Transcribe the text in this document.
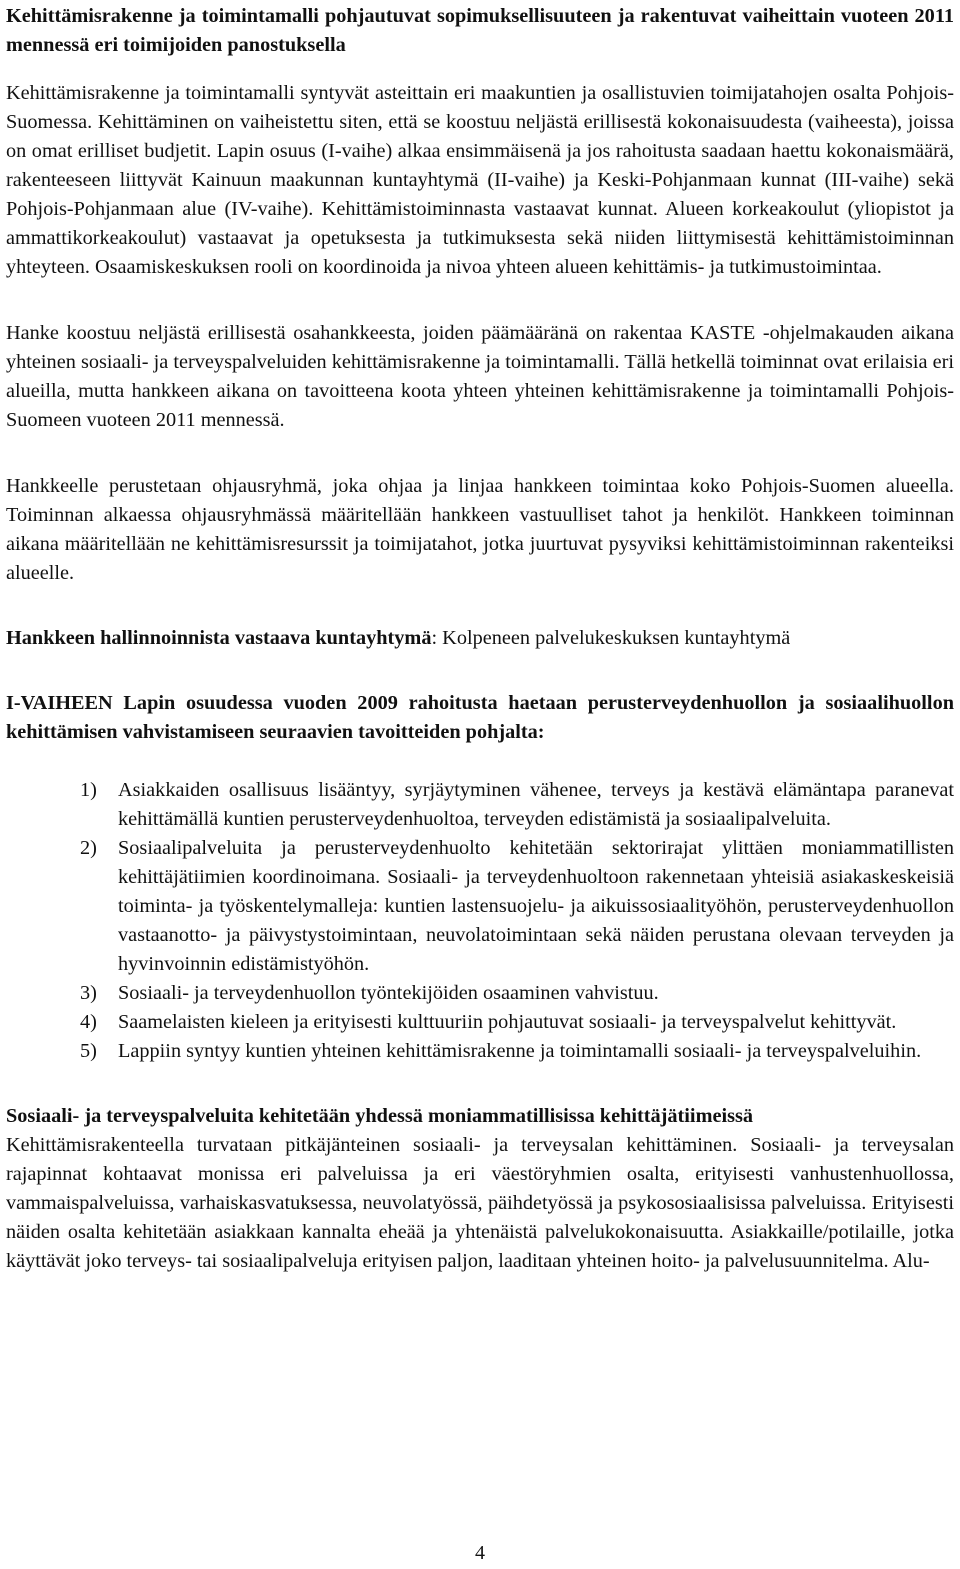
Kehittämisrakenne ja toimintamalli pohjautuvat sopimuksellisuuteen ja rakentuvat vaiheittain vuoteen 2011 mennessä eri toimijoiden panostuksella

Kehittämisrakenne ja toimintamalli syntyvät asteittain eri maakuntien ja osallistuvien toimijatahojen osalta Pohjois-Suomessa. Kehittäminen on vaiheistettu siten, että se koostuu neljästä erillisestä kokonaisuudesta (vaiheesta), joissa on omat erilliset budjetit. Lapin osuus (I-vaihe) alkaa ensimmäisenä ja jos rahoitusta saadaan haettu kokonaismäärä, rakenteeseen liittyvät Kainuun maakunnan kuntayhtymä (II-vaihe) ja Keski-Pohjanmaan kunnat (III-vaihe) sekä Pohjois-Pohjanmaan alue (IV-vaihe). Kehittämistoiminnasta vastaavat kunnat. Alueen korkeakoulut (yliopistot ja ammattikorkeakoulut) vastaavat ja opetuksesta ja tutkimuksesta sekä niiden liittymisestä kehittämistoiminnan yhteyteen. Osaamiskeskuksen rooli on koordinoida ja nivoa yhteen alueen kehittämis- ja tutkimustoimintaa.

Hanke koostuu neljästä erillisestä osahankkeesta, joiden päämääränä on rakentaa KASTE -ohjelmakauden aikana yhteinen sosiaali- ja terveyspalveluiden kehittämisrakenne ja toimintamalli. Tällä hetkellä toiminnat ovat erilaisia eri alueilla, mutta hankkeen aikana on tavoitteena koota yhteen yhteinen kehittämisrakenne ja toimintamalli Pohjois-Suomeen vuoteen 2011 mennessä.

Hankkeelle perustetaan ohjausryhmä, joka ohjaa ja linjaa hankkeen toimintaa koko Pohjois-Suomen alueella. Toiminnan alkaessa ohjausryhmässä määritellään hankkeen vastuulliset tahot ja henkilöt. Hankkeen toiminnan aikana määritellään ne kehittämisresurssit ja toimijatahot, jotka juurtuvat pysyviksi kehittämistoiminnan rakenteiksi alueelle.

Hankkeen hallinnoinnista vastaava kuntayhtymä: Kolpeneen palvelukeskuksen kuntayhtymä

I-VAIHEEN Lapin osuudessa vuoden 2009 rahoitusta haetaan perusterveydenhuollon ja sosiaalihuollon kehittämisen vahvistamiseen seuraavien tavoitteiden pohjalta:

1) Asiakkaiden osallisuus lisääntyy, syrjäytyminen vähenee, terveys ja kestävä elämäntapa paranevat kehittämällä kuntien perusterveydenhuoltoa, terveyden edistämistä ja sosiaalipalveluita.
2) Sosiaalipalveluita ja perusterveydenhuolto kehitetään sektorirajat ylittäen moniammatillisten kehittäjätiimien koordinoimana. Sosiaali- ja terveydenhuoltoon rakennetaan yhteisiä asiakaskeskeisiä toiminta- ja työskentelymalleja: kuntien lastensuojelu- ja aikuissosiaalityöhön, perusterveydenhuollon vastaanotto- ja päivystystoimintaan, neuvolatoimintaan sekä näiden perustana olevaan terveyden ja hyvinvoinnin edistämistyöhön.
3) Sosiaali- ja terveydenhuollon työntekijöiden osaaminen vahvistuu.
4) Saamelaisten kieleen ja erityisesti kulttuuriin pohjautuvat sosiaali- ja terveyspalvelut kehittyvät.
5) Lappiin syntyy kuntien yhteinen kehittämisrakenne ja toimintamalli sosiaali- ja terveyspalveluihin.

Sosiaali- ja terveyspalveluita kehitetään yhdessä moniammatillisissa kehittäjätiimeissä

Kehittämisrakenteella turvataan pitkäjänteinen sosiaali- ja terveysalan kehittäminen. Sosiaali- ja terveysalan rajapinnat kohtaavat monissa eri palveluissa ja eri väestöryhmien osalta, erityisesti vanhustenhuollossa, vammaispalveluissa, varhaiskasvatuksessa, neuvolatyössä, päihdetyössä ja psykososiaalisissa palveluissa. Erityisesti näiden osalta kehitetään asiakkaan kannalta eheää ja yhtenäistä palvelukokonaisuutta. Asiakkaille/potilaille, jotka käyttävät joko terveys- tai sosiaalipalveluja erityisen paljon, laaditaan yhteinen hoito- ja palvelusuunnitelma. Alu-

4
